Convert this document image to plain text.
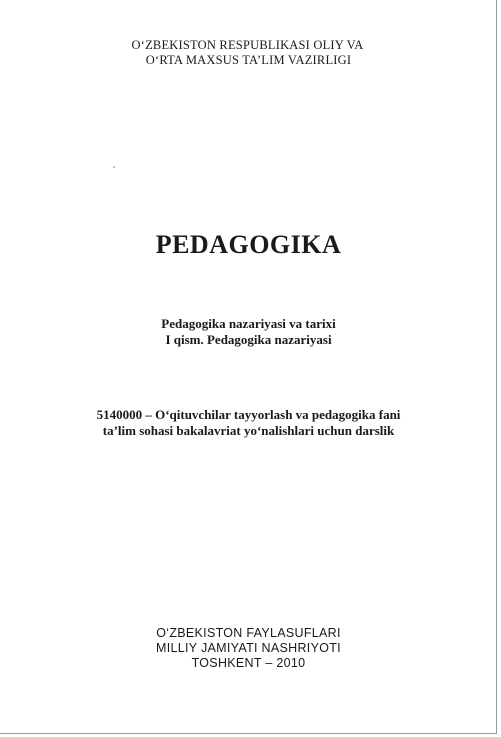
O‘ZBEKISTON RESPUBLIKASI OLIY VA
O‘RTA MAXSUS TA’LIM VAZIRLIGI
PEDAGOGIKA
Pedagogika nazariyasi va tarixi
I qism. Pedagogika nazariyasi
5140000 – O‘qituvchilar tayyorlash va pedagogika fani
ta’lim sohasi bakalavriat yo‘nalishlari uchun darslik
O‘ZBEKISTON FAYLASUFLARI
MILLIY JAMIYATI NASHRIYOTI
TOSHKENT – 2010
